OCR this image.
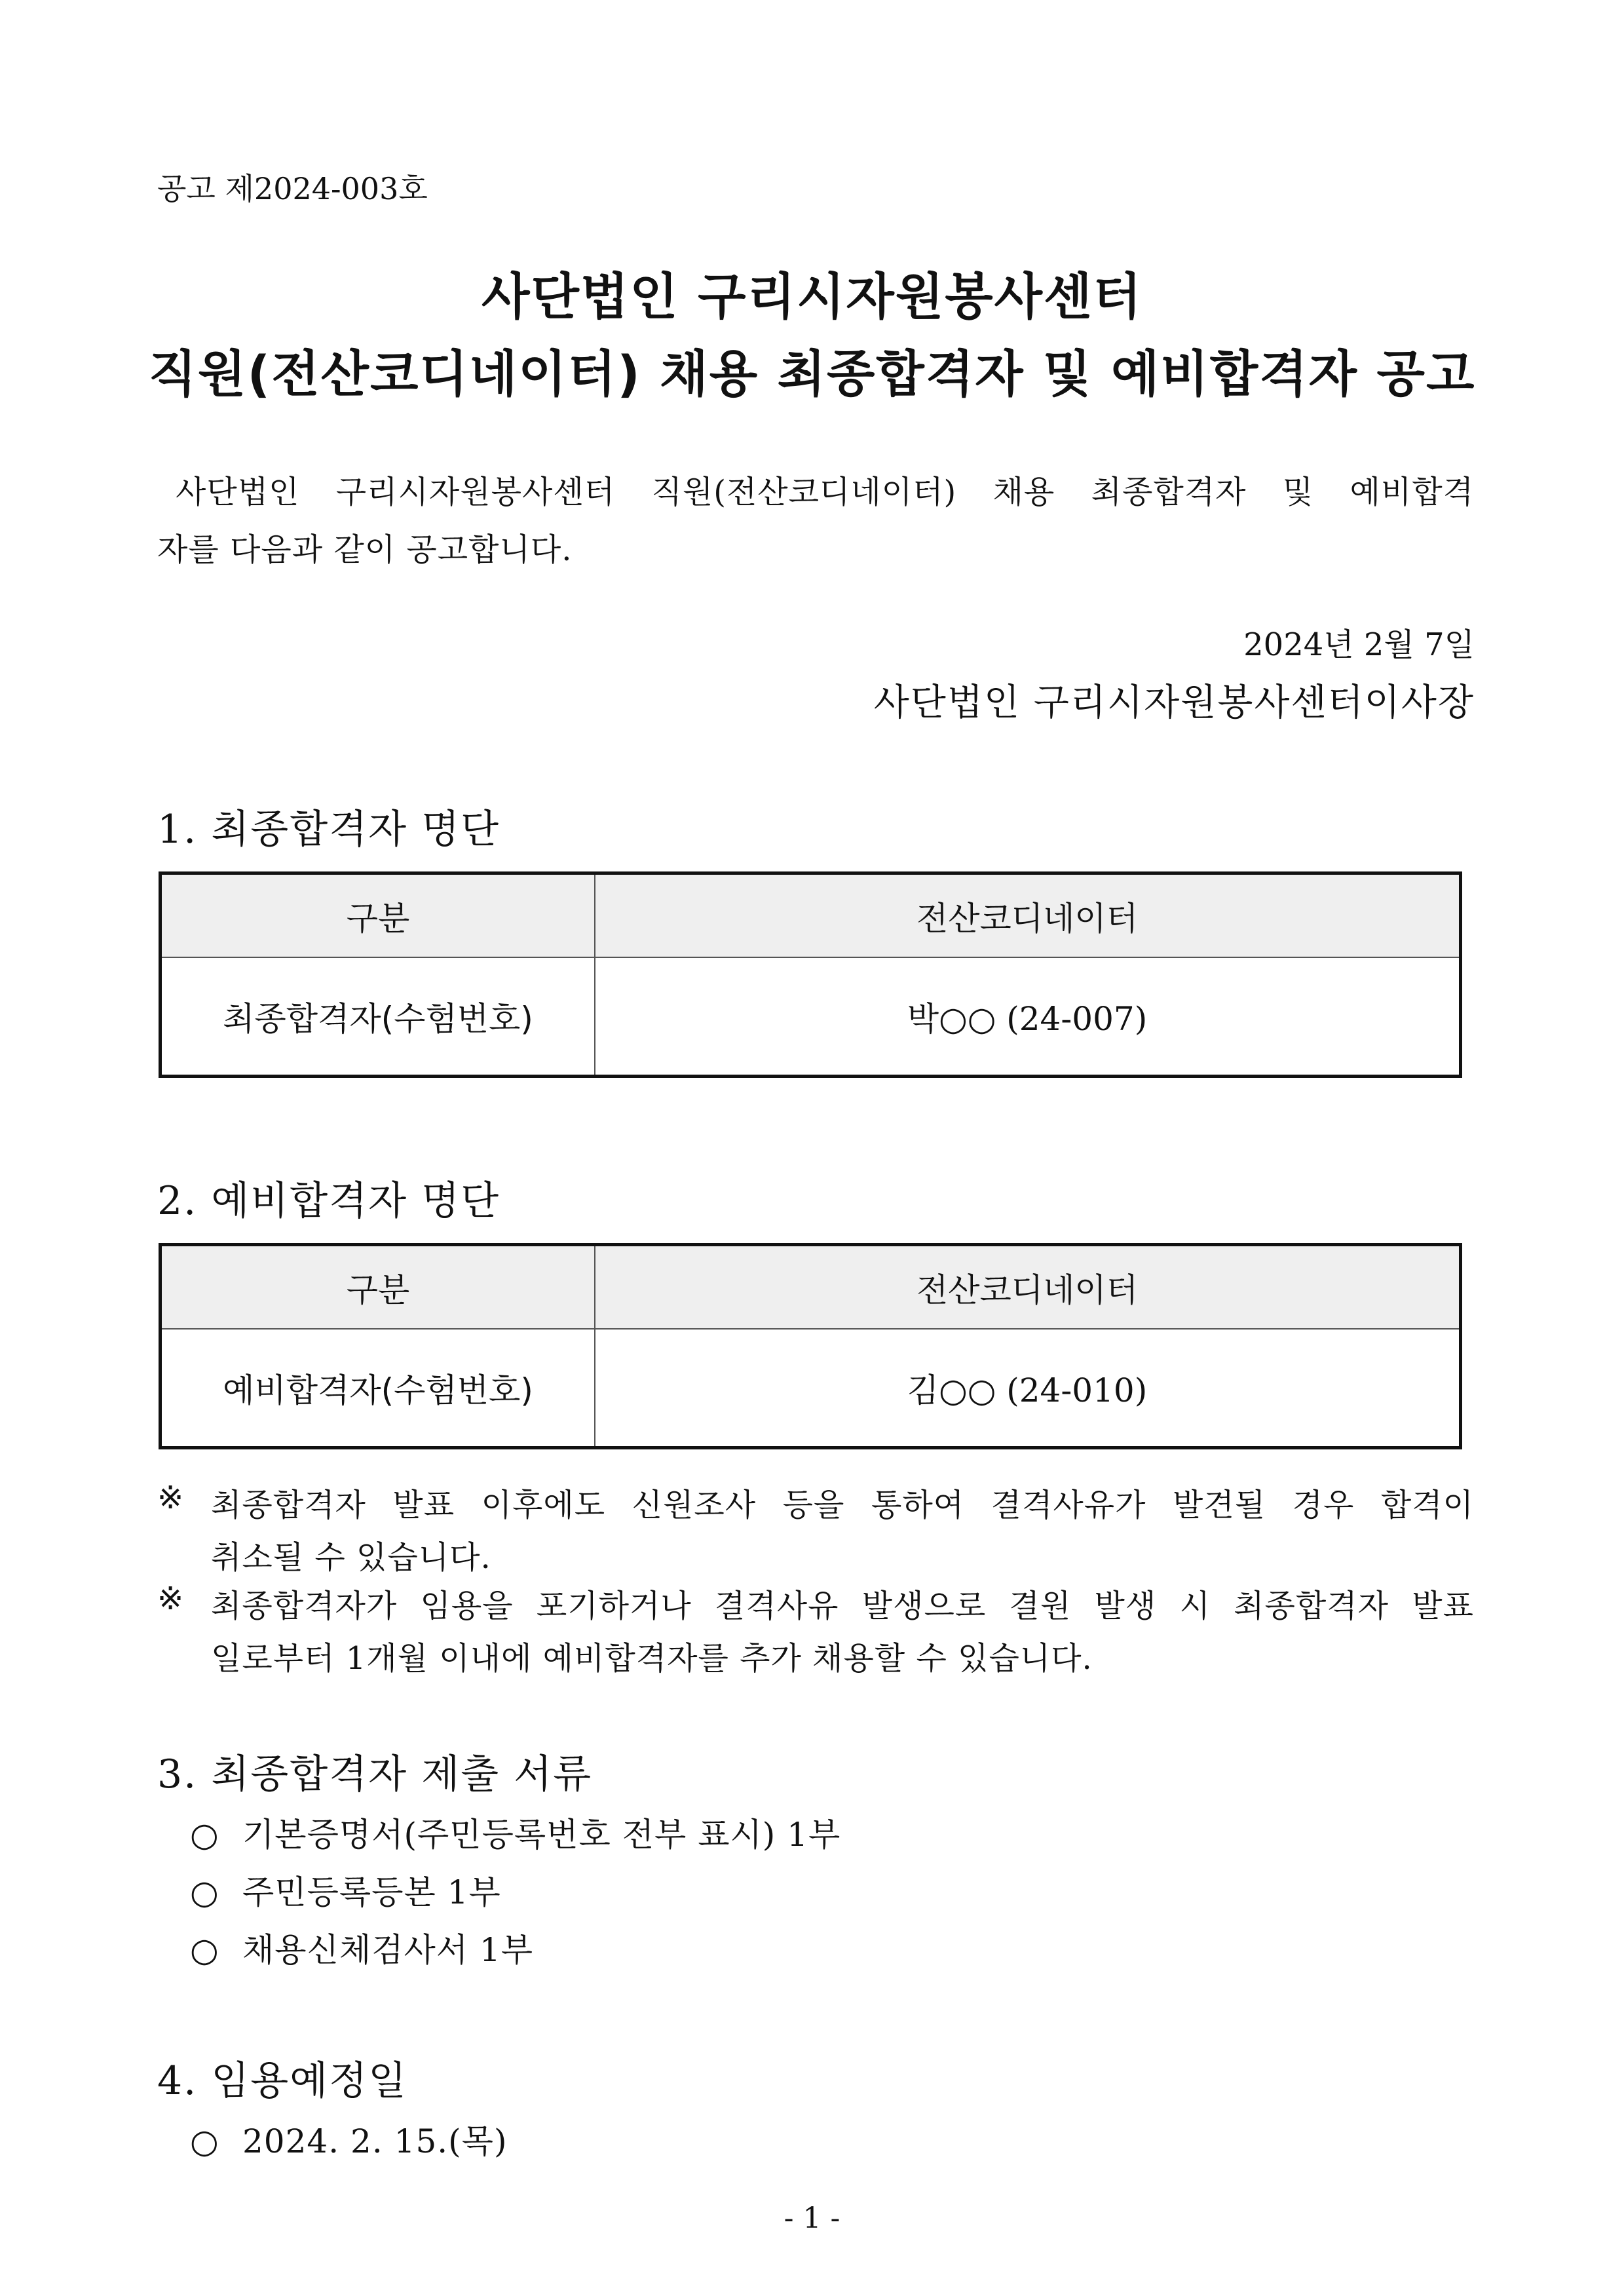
공고 제2024-003호
사단법인 구리시자원봉사센터
직원(전산코디네이터) 채용 최종합격자 및 예비합격자 공고
사단법인 구리시자원봉사센터 직원(전산코디네이터) 채용 최종합격자 및 예비합격
자를 다음과 같이 공고합니다.
2024년 2월 7일
사단법인 구리시자원봉사센터이사장
1. 최종합격자 명단
구분	전산코디네이터
최종합격자(수험번호)	박○○ (24-007)
2. 예비합격자 명단
구분	전산코디네이터
예비합격자(수험번호)	김○○ (24-010)
※ 최종합격자 발표 이후에도 신원조사 등을 통하여 결격사유가 발견될 경우 합격이
취소될 수 있습니다.
※ 최종합격자가 임용을 포기하거나 결격사유 발생으로 결원 발생 시 최종합격자 발표
일로부터 1개월 이내에 예비합격자를 추가 채용할 수 있습니다.
3. 최종합격자 제출 서류
○ 기본증명서(주민등록번호 전부 표시) 1부
○ 주민등록등본 1부
○ 채용신체검사서 1부
4. 임용예정일
○ 2024. 2. 15.(목)
- 1 -
